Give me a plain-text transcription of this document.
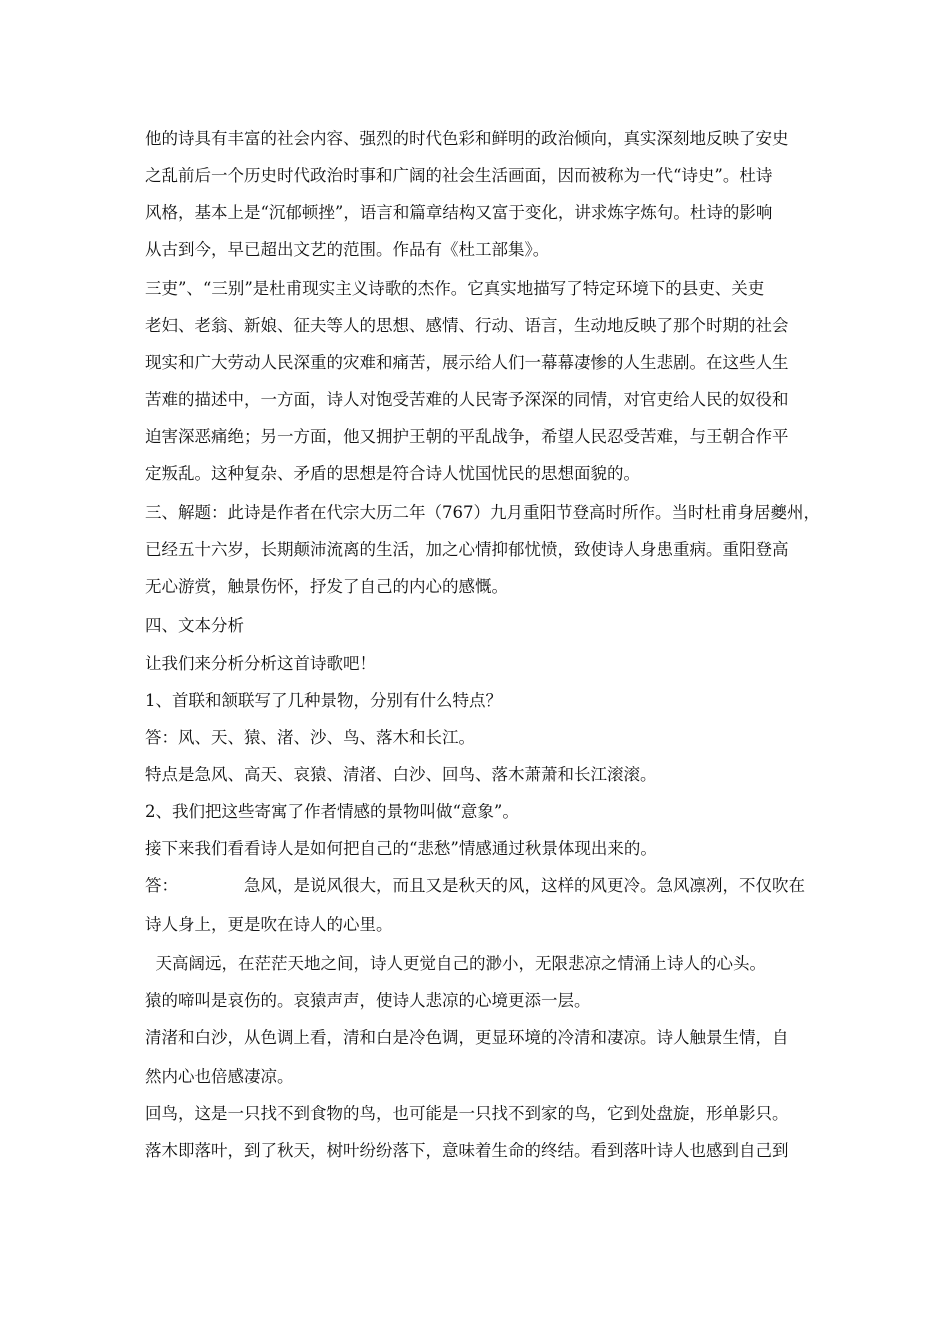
他的诗具有丰富的社会内容、强烈的时代色彩和鲜明的政治倾向，真实深刻地反映了安史
之乱前后一个历史时代政治时事和广阔的社会生活画面，因而被称为一代“诗史”。杜诗
风格，基本上是“沉郁顿挫”，语言和篇章结构又富于变化，讲求炼字炼句。杜诗的影响
从古到今，早已超出文艺的范围。作品有《杜工部集》。
三吏”、“三别”是杜甫现实主义诗歌的杰作。它真实地描写了特定环境下的县吏、关吏
老妇、老翁、新娘、征夫等人的思想、感情、行动、语言，生动地反映了那个时期的社会
现实和广大劳动人民深重的灾难和痛苦，展示给人们一幕幕凄惨的人生悲剧。在这些人生
苦难的描述中，一方面，诗人对饱受苦难的人民寄予深深的同情，对官吏给人民的奴役和
迫害深恶痛绝；另一方面，他又拥护王朝的平乱战争，希望人民忍受苦难，与王朝合作平
定叛乱。这种复杂、矛盾的思想是符合诗人忧国忧民的思想面貌的。
三、解题：此诗是作者在代宗大历二年（767）九月重阳节登高时所作。当时杜甫身居夔州，
已经五十六岁，长期颠沛流离的生活，加之心情抑郁忧愤，致使诗人身患重病。重阳登高
无心游赏，触景伤怀，抒发了自己的内心的感慨。
四、文本分析
让我们来分析分析这首诗歌吧！
1、首联和颔联写了几种景物，分别有什么特点？
答：风、天、猿、渚、沙、鸟、落木和长江。
特点是急风、高天、哀猿、清渚、白沙、回鸟、落木萧萧和长江滚滚。
2、我们把这些寄寓了作者情感的景物叫做“意象”。
接下来我们看看诗人是如何把自己的“悲愁”情感通过秋景体现出来的。
答：	急风，是说风很大，而且又是秋天的风，这样的风更冷。急风凛冽，不仅吹在
诗人身上，更是吹在诗人的心里。
天高阔远，在茫茫天地之间，诗人更觉自己的渺小，无限悲凉之情涌上诗人的心头。
猿的啼叫是哀伤的。哀猿声声，使诗人悲凉的心境更添一层。
清渚和白沙，从色调上看，清和白是冷色调，更显环境的冷清和凄凉。诗人触景生情，自
然内心也倍感凄凉。
回鸟，这是一只找不到食物的鸟，也可能是一只找不到家的鸟，它到处盘旋，形单影只。
落木即落叶，到了秋天，树叶纷纷落下，意味着生命的终结。看到落叶诗人也感到自己到
